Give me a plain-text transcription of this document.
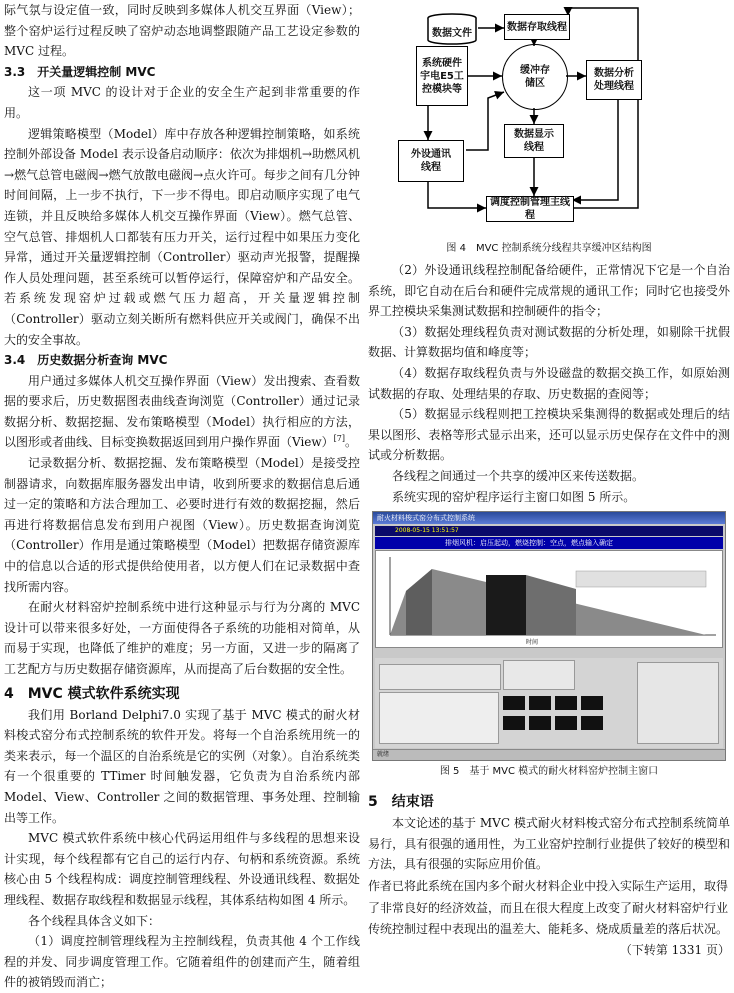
际气氛与设定值一致，同时反映到多媒体人机交互界面（View）；整个窑炉运行过程反映了窑炉动态地调整跟随产品工艺设定参数的 MVC 过程。

3.3　开关量逻辑控制 MVC

这一项 MVC 的设计对于企业的安全生产起到非常重要的作用。

逻辑策略模型（Model）库中存放各种逻辑控制策略，如系统控制外部设备 Model 表示设备启动顺序：依次为排烟机→助燃风机→燃气总管电磁阀→燃气放散电磁阀→点火许可。每步之间有几分钟时间间隔，上一步不执行，下一步不得电。即启动顺序实现了电气连锁，并且反映给多媒体人机交互操作界面（View）。燃气总管、空气总管、排烟机人口都装有压力开关，运行过程中如果压力变化异常，通过开关量逻辑控制（Controller）驱动声光报警，提醒操作人员处理问题，甚至系统可以暂停运行，保障窑炉和产品安全。若系统发现窑炉过载或燃气压力超高，开关量逻辑控制（Controller）驱动立刻关断所有燃料供应开关或阀门，确保不出大的安全事故。

3.4　历史数据分析查询 MVC

用户通过多媒体人机交互操作界面（View）发出搜索、查看数据的要求后，历史数据图表曲线查询浏览（Controller）通过记录数据分析、数据挖掘、发布策略模型（Model）执行相应的方法，以图形或者曲线、目标变换数据返回到用户操作界面（View）[7]。

记录数据分析、数据挖掘、发布策略模型（Model）是接受控制器请求，向数据库服务器发出申请，收到所要求的数据信息后通过一定的策略和方法合理加工、必要时进行有效的数据挖掘，然后再进行将数据信息发布到用户视图（View）。历史数据查询浏览（Controller）作用是通过策略模型（Model）把数据存储资源库中的信息以合适的形式提供给使用者，以方便人们在记录数据中查找所需内容。

在耐火材料窑炉控制系统中进行这种显示与行为分离的 MVC 设计可以带来很多好处，一方面使得各子系统的功能相对简单，从而易于实现，也降低了维护的难度；另一方面，又进一步的隔离了工艺配方与历史数据存储资源库，从而提高了后台数据的安全性。

4　MVC 模式软件系统实现

我们用 Borland Delphi7.0 实现了基于 MVC 模式的耐火材料梭式窑分布式控制系统的软件开发。将每一个自治系统用统一的类来表示，每一个温区的自治系统是它的实例（对象）。自治系统类有一个很重要的 TTimer 时间触发器，它负责为自治系统内部 Model、View、Controller 之间的数据管理、事务处理、控制输出等工作。

MVC 模式软件系统中核心代码运用组件与多线程的思想来设计实现，每个线程都有它自己的运行内存、句柄和系统资源。系统核心由 5 个线程构成：调度控制管理线程、外设通讯线程、数据处理线程、数据存取线程和数据显示线程，其体系结构如图 4 所示。

各个线程具体含义如下：

（1）调度控制管理线程为主控制线程，负责其他 4 个工作线程的并发、同步调度管理工作。它随着组件的创建而产生，随着组件的被销毁而消亡；

数据文件
数据存取线程
系统硬件
宇电E5工
控模块等
缓冲存
储区
数据分析
处理线程
数据显示
线程
外设通讯
线程
调度控制管理主线程
图 4　MVC 控制系统分线程共享缓冲区结构图

（2）外设通讯线程控制配备给硬件，正常情况下它是一个自治系统，即它自动在后台和硬件完成常规的通讯工作；同时它也接受外界工控模块采集测试数据和控制硬件的指令；

（3）数据处理线程负责对测试数据的分析处理，如剔除干扰假数据、计算数据均值和峰度等；

（4）数据存取线程负责与外设磁盘的数据交换工作，如原始测试数据的存取、处理结果的存取、历史数据的查阅等；

（5）数据显示线程则把工控模块采集测得的数据或处理后的结果以图形、表格等形式显示出来，还可以显示历史保存在文件中的测试或分析数据。

各线程之间通过一个共享的缓冲区来传送数据。

系统实现的窑炉程序运行主窗口如图 5 所示。

耐火材料梭式窑分布式控制系统
2008-05-15 13:51:57
排烟风机：启压起动，燃烧控制：空点，燃点输入确定
时间
就绪
图 5　基于 MVC 模式的耐火材料窑炉控制主窗口
5　结束语

本文论述的基于 MVC 模式耐火材料梭式窑分布式控制系统简单易行，具有很强的通用性，为工业窑炉控制行业提供了较好的模型和方法，具有很强的实际应用价值。

作者已将此系统在国内多个耐火材料企业中投入实际生产运用，取得了非常良好的经济效益，而且在很大程度上改变了耐火材料窑炉行业传统控制过程中表现出的温差大、能耗多、烧成质量差的落后状况。

（下转第 1331 页）
